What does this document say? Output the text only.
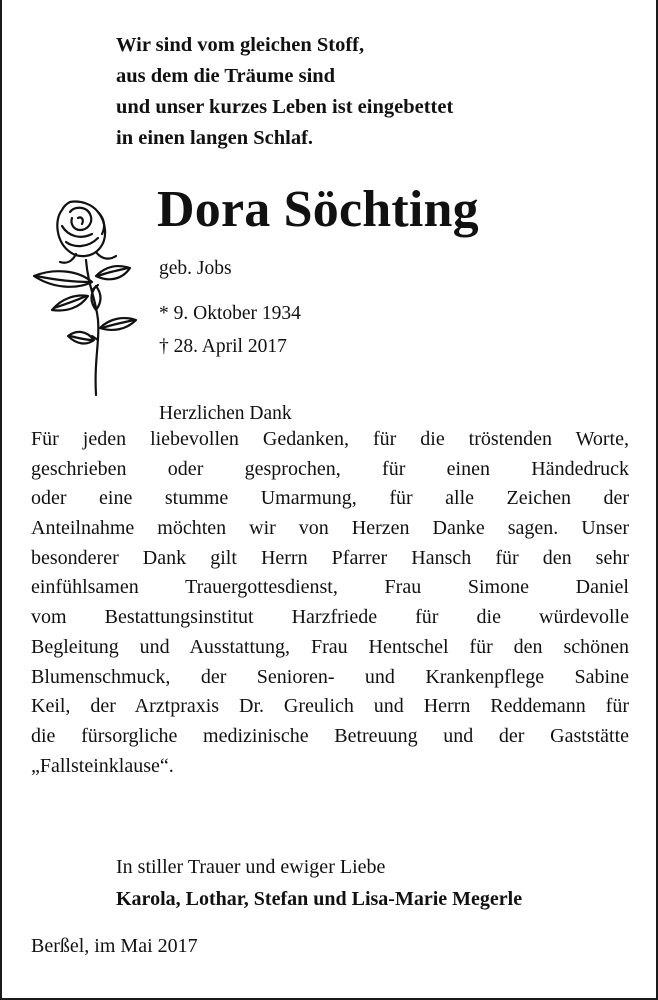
Wir sind vom gleichen Stoff,
aus dem die Träume sind
und unser kurzes Leben ist eingebettet
in einen langen Schlaf.
Dora Söchting
geb. Jobs
* 9. Oktober 1934
† 28. April 2017
Herzlichen Dank
Für jeden liebevollen Gedanken, für die tröstenden Worte,
geschrieben oder gesprochen, für einen Händedruck
oder eine stumme Umarmung, für alle Zeichen der
Anteilnahme möchten wir von Herzen Danke sagen. Unser
besonderer Dank gilt Herrn Pfarrer Hansch für den sehr
einfühlsamen Trauergottesdienst, Frau Simone Daniel
vom Bestattungsinstitut Harzfriede für die würdevolle
Begleitung und Ausstattung, Frau Hentschel für den schönen
Blumenschmuck, der Senioren- und Krankenpflege Sabine
Keil, der Arztpraxis Dr. Greulich und Herrn Reddemann für
die fürsorgliche medizinische Betreuung und der Gaststätte
„Fallsteinklause“.
In stiller Trauer und ewiger Liebe
Karola, Lothar, Stefan und Lisa-Marie Megerle
Berßel, im Mai 2017
